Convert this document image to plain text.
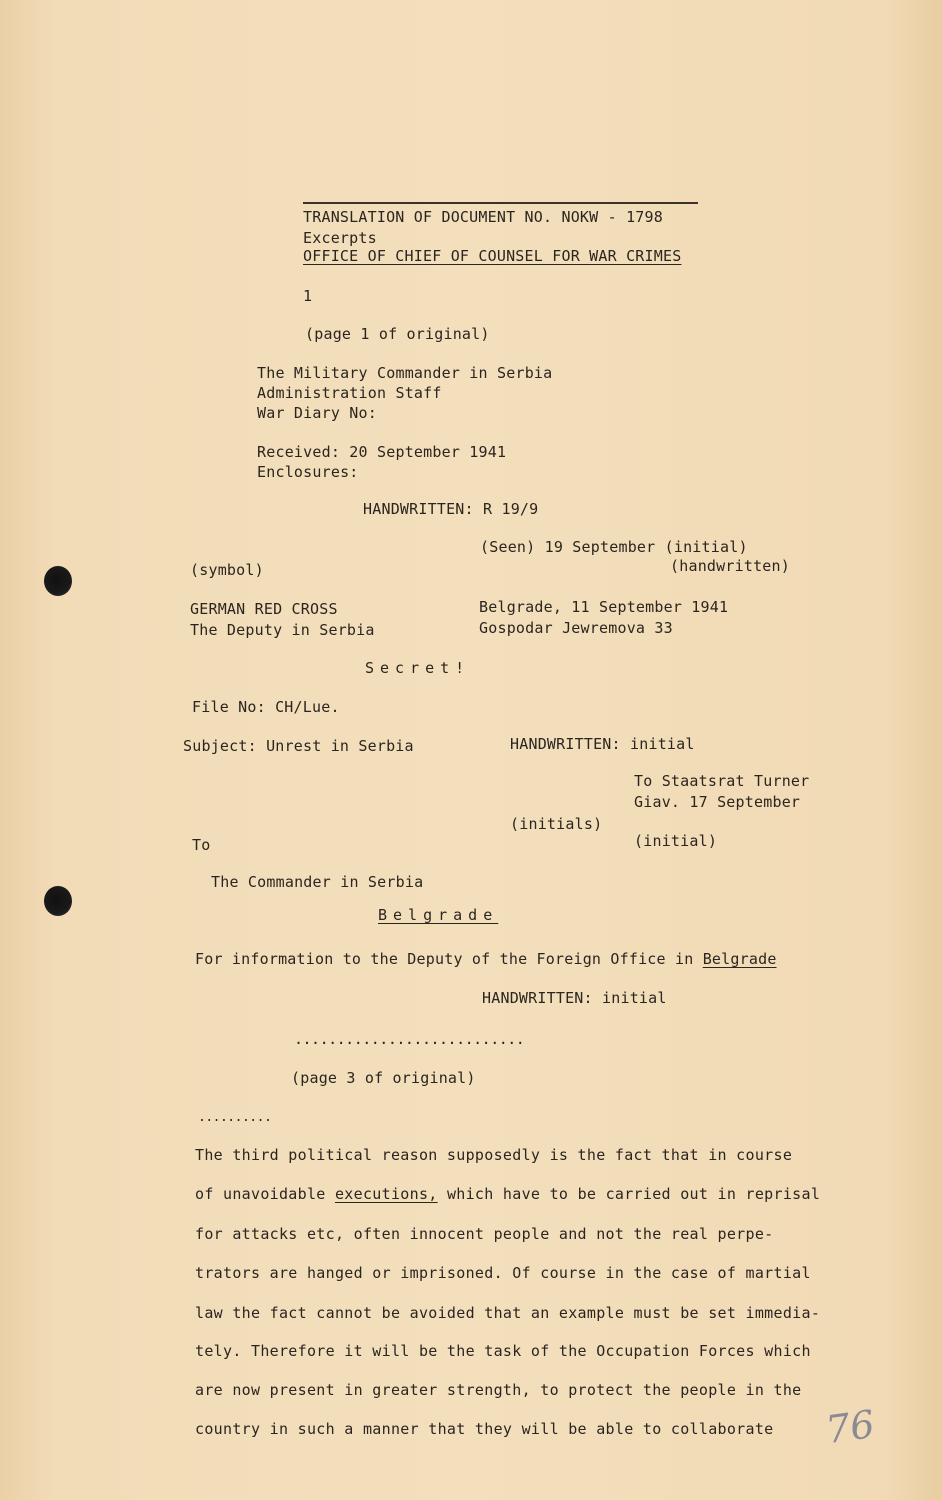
TRANSLATION OF DOCUMENT NO. NOKW - 1798
Excerpts
OFFICE OF CHIEF OF COUNSEL FOR WAR CRIMES
1
(page 1 of original)
The Military Commander in Serbia
Administration Staff
War Diary No:
Received: 20 September 1941
Enclosures:
HANDWRITTEN: R 19/9
(Seen) 19 September (initial)
(handwritten)
(symbol)
GERMAN RED CROSS
The Deputy in Serbia
Belgrade, 11 September 1941
Gospodar Jewremova 33
Secret!
File No: CH/Lue.
Subject: Unrest in Serbia	HANDWRITTEN: initial
To Staatsrat Turner
Giav. 17 September
(initials)
(initial)
To
The Commander in Serbia
Belgrade
For information to the Deputy of the Foreign Office in Belgrade
HANDWRITTEN: initial
...........................
(page 3 of original)
..........
The third political reason supposedly is the fact that in course
of unavoidable executions, which have to be carried out in reprisal
for attacks etc, often innocent people and not the real perpe-
trators are hanged or imprisoned. Of course in the case of martial
law the fact cannot be avoided that an example must be set immedia-
tely. Therefore it will be the task of the Occupation Forces which
are now present in greater strength, to protect the people in the
country in such a manner that they will be able to collaborate 76
